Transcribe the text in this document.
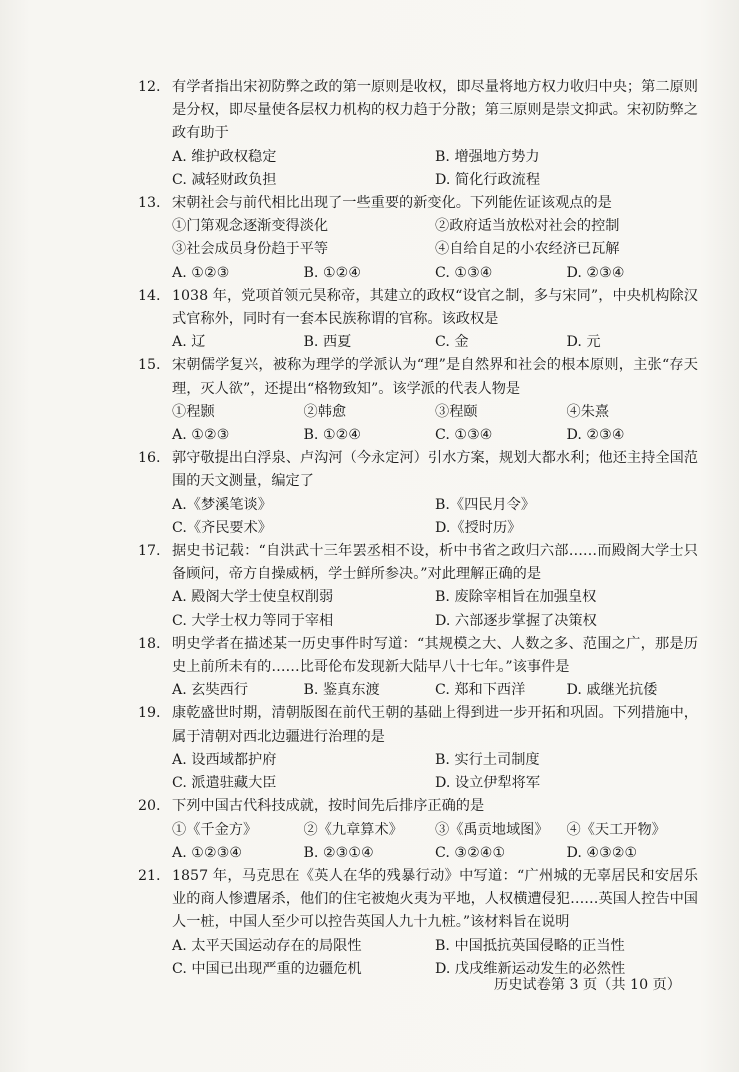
12. 有学者指出宋初防弊之政的第一原则是收权，即尽量将地方权力收归中央；第二原则是分权，即尽量使各层权力机构的权力趋于分散；第三原则是崇文抑武。宋初防弊之政有助于
A. 维护政权稳定	B. 增强地方势力
C. 减轻财政负担	D. 简化行政流程
13. 宋朝社会与前代相比出现了一些重要的新变化。下列能佐证该观点的是
①门第观念逐渐变得淡化	②政府适当放松对社会的控制
③社会成员身份趋于平等	④自给自足的小农经济已瓦解
A. ①②③	B. ①②④	C. ①③④	D. ②③④
14. 1038 年，党项首领元昊称帝，其建立的政权“设官之制，多与宋同”，中央机构除汉式官称外，同时有一套本民族称谓的官称。该政权是
A. 辽	B. 西夏	C. 金	D. 元
15. 宋朝儒学复兴，被称为理学的学派认为“理”是自然界和社会的根本原则，主张“存天理，灭人欲”，还提出“格物致知”。该学派的代表人物是
①程颢	②韩愈	③程颐	④朱熹
A. ①②③	B. ①②④	C. ①③④	D. ②③④
16. 郭守敬提出白浮泉、卢沟河（今永定河）引水方案，规划大都水利；他还主持全国范围的天文测量，编定了
A.《梦溪笔谈》	B.《四民月令》
C.《齐民要术》	D.《授时历》
17. 据史书记载：“自洪武十三年罢丞相不设，析中书省之政归六部……而殿阁大学士只备顾问，帝方自操威柄，学士鲜所参决。”对此理解正确的是
A. 殿阁大学士使皇权削弱	B. 废除宰相旨在加强皇权
C. 大学士权力等同于宰相	D. 六部逐步掌握了决策权
18. 明史学者在描述某一历史事件时写道：“其规模之大、人数之多、范围之广，那是历史上前所未有的……比哥伦布发现新大陆早八十七年。”该事件是
A. 玄奘西行	B. 鉴真东渡	C. 郑和下西洋	D. 戚继光抗倭
19. 康乾盛世时期，清朝版图在前代王朝的基础上得到进一步开拓和巩固。下列措施中，属于清朝对西北边疆进行治理的是
A. 设西域都护府	B. 实行土司制度
C. 派遣驻藏大臣	D. 设立伊犁将军
20. 下列中国古代科技成就，按时间先后排序正确的是
①《千金方》	②《九章算术》	③《禹贡地域图》	④《天工开物》
A. ①②③④	B. ②③①④	C. ③②④①	D. ④③②①
21. 1857 年，马克思在《英人在华的残暴行动》中写道：“广州城的无辜居民和安居乐业的商人惨遭屠杀，他们的住宅被炮火夷为平地，人权横遭侵犯……英国人控告中国人一桩，中国人至少可以控告英国人九十九桩。”该材料旨在说明
A. 太平天国运动存在的局限性	B. 中国抵抗英国侵略的正当性
C. 中国已出现严重的边疆危机	D. 戊戌维新运动发生的必然性
历史试卷第 3 页（共 10 页）
